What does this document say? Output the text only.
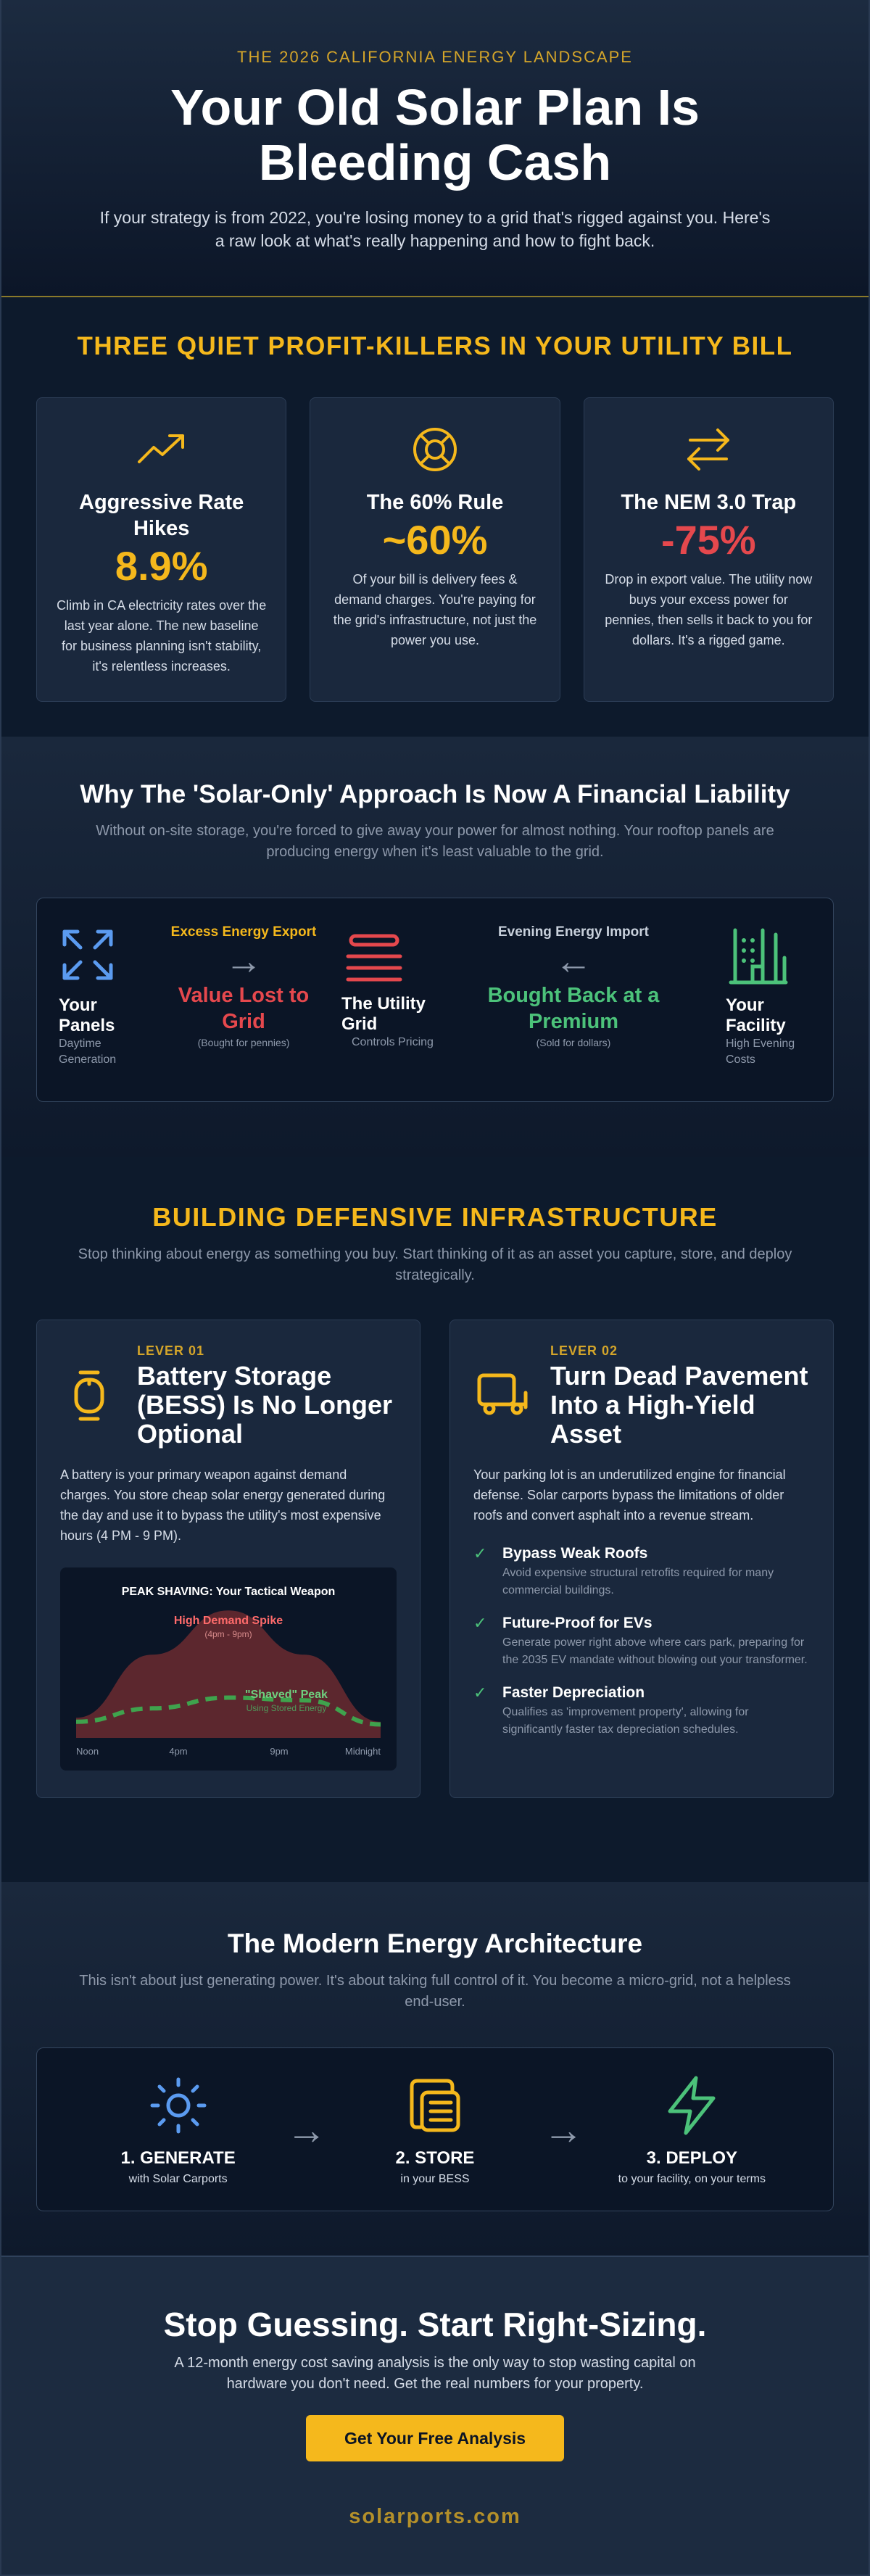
THE 2026 CALIFORNIA ENERGY LANDSCAPE
Your Old Solar Plan Is Bleeding Cash

If your strategy is from 2022, you're losing money to a grid that's rigged against you. Here's a raw look at what's really happening and how to fight back.

THREE QUIET PROFIT-KILLERS IN YOUR UTILITY BILL
Aggressive Rate Hikes
8.9%

Climb in CA electricity rates over the last year alone. The new baseline for business planning isn't stability, it's relentless increases.

The 60% Rule
~60%

Of your bill is delivery fees & demand charges. You're paying for the grid's infrastructure, not just the power you use.

The NEM 3.0 Trap
-75%

Drop in export value. The utility now buys your excess power for pennies, then sells it back to you for dollars. It's a rigged game.

Why The 'Solar-Only' Approach Is Now A Financial Liability

Without on-site storage, you're forced to give away your power for almost nothing. Your rooftop panels are producing energy when it's least valuable to the grid.

Your Panels
Daytime Generation
Excess Energy Export
→
Value Lost to Grid
(Bought for pennies)
The Utility Grid
Controls Pricing
Evening Energy Import
←
Bought Back at a Premium
(Sold for dollars)
Your Facility
High Evening Costs
BUILDING DEFENSIVE INFRASTRUCTURE

Stop thinking about energy as something you buy. Start thinking of it as an asset you capture, store, and deploy strategically.

LEVER 01
Battery Storage (BESS) Is No Longer Optional

A battery is your primary weapon against demand charges. You store cheap solar energy generated during the day and use it to bypass the utility's most expensive hours (4 PM - 9 PM).

PEAK SHAVING: Your Tactical Weapon
High Demand Spike
(4pm - 9pm)
"Shaved" Peak
Using Stored Energy
Noon	4pm	9pm	Midnight
LEVER 02
Turn Dead Pavement Into a High-Yield Asset

Your parking lot is an underutilized engine for financial defense. Solar carports bypass the limitations of older roofs and convert asphalt into a revenue stream.

✓ Bypass Weak Roofs

Avoid expensive structural retrofits required for many commercial buildings.

✓ Future-Proof for EVs

Generate power right above where cars park, preparing for the 2035 EV mandate without blowing out your transformer.

✓ Faster Depreciation

Qualifies as 'improvement property', allowing for significantly faster tax depreciation schedules.

The Modern Energy Architecture

This isn't about just generating power. It's about taking full control of it. You become a micro-grid, not a helpless end-user.

1. GENERATE

with Solar Carports

→
2. STORE

in your BESS

→
3. DEPLOY

to your facility, on your terms

Stop Guessing. Start Right-Sizing.

A 12-month energy cost saving analysis is the only way to stop wasting capital on hardware you don't need. Get the real numbers for your property.

Get Your Free Analysis
solarports.com
